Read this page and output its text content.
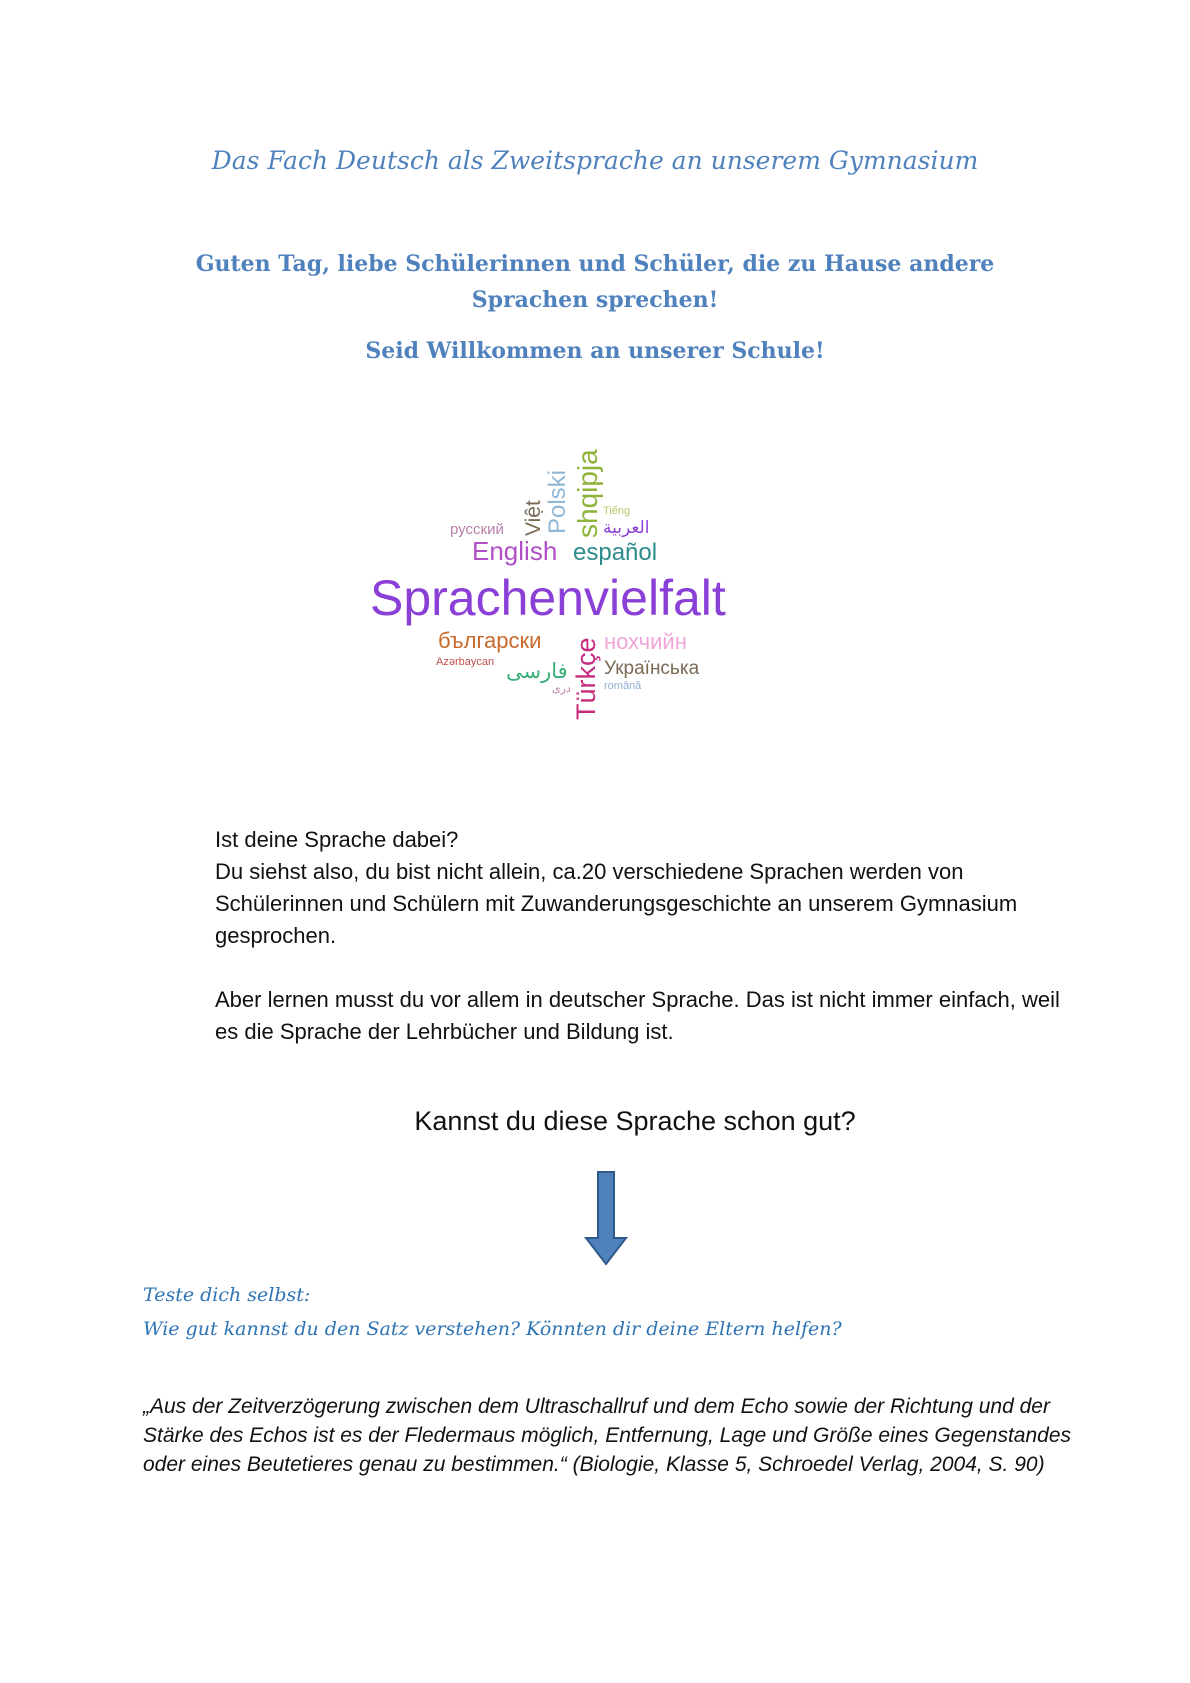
Das Fach Deutsch als Zweitsprache an unserem Gymnasium
Guten Tag, liebe Schülerinnen und Schüler, die zu Hause andere Sprachen sprechen!
Seid Willkommen an unserer Schule!
shqipja
Polski
Việt
русский
Tiếng
العربية
English español
Sprachenvielfalt
български	нохчийн
Azərbaycan فارسی Türkçe Українська
română
دری

Ist deine Sprache dabei?

Du siehst also, du bist nicht allein, ca.20 verschiedene Sprachen werden von Schülerinnen und Schülern mit Zuwanderungsgeschichte an unserem Gymnasium gesprochen.

Aber lernen musst du vor allem in deutscher Sprache. Das ist nicht immer einfach, weil es die Sprache der Lehrbücher und Bildung ist.

Kannst du diese Sprache schon gut?
Teste dich selbst:
Wie gut kannst du den Satz verstehen? Könnten dir deine Eltern helfen?
„Aus der Zeitverzögerung zwischen dem Ultraschallruf und dem Echo sowie der Richtung und der Stärke des Echos ist es der Fledermaus möglich, Entfernung, Lage und Größe eines Gegenstandes oder eines Beutetieres genau zu bestimmen.“ (Biologie, Klasse 5, Schroedel Verlag, 2004, S. 90)
